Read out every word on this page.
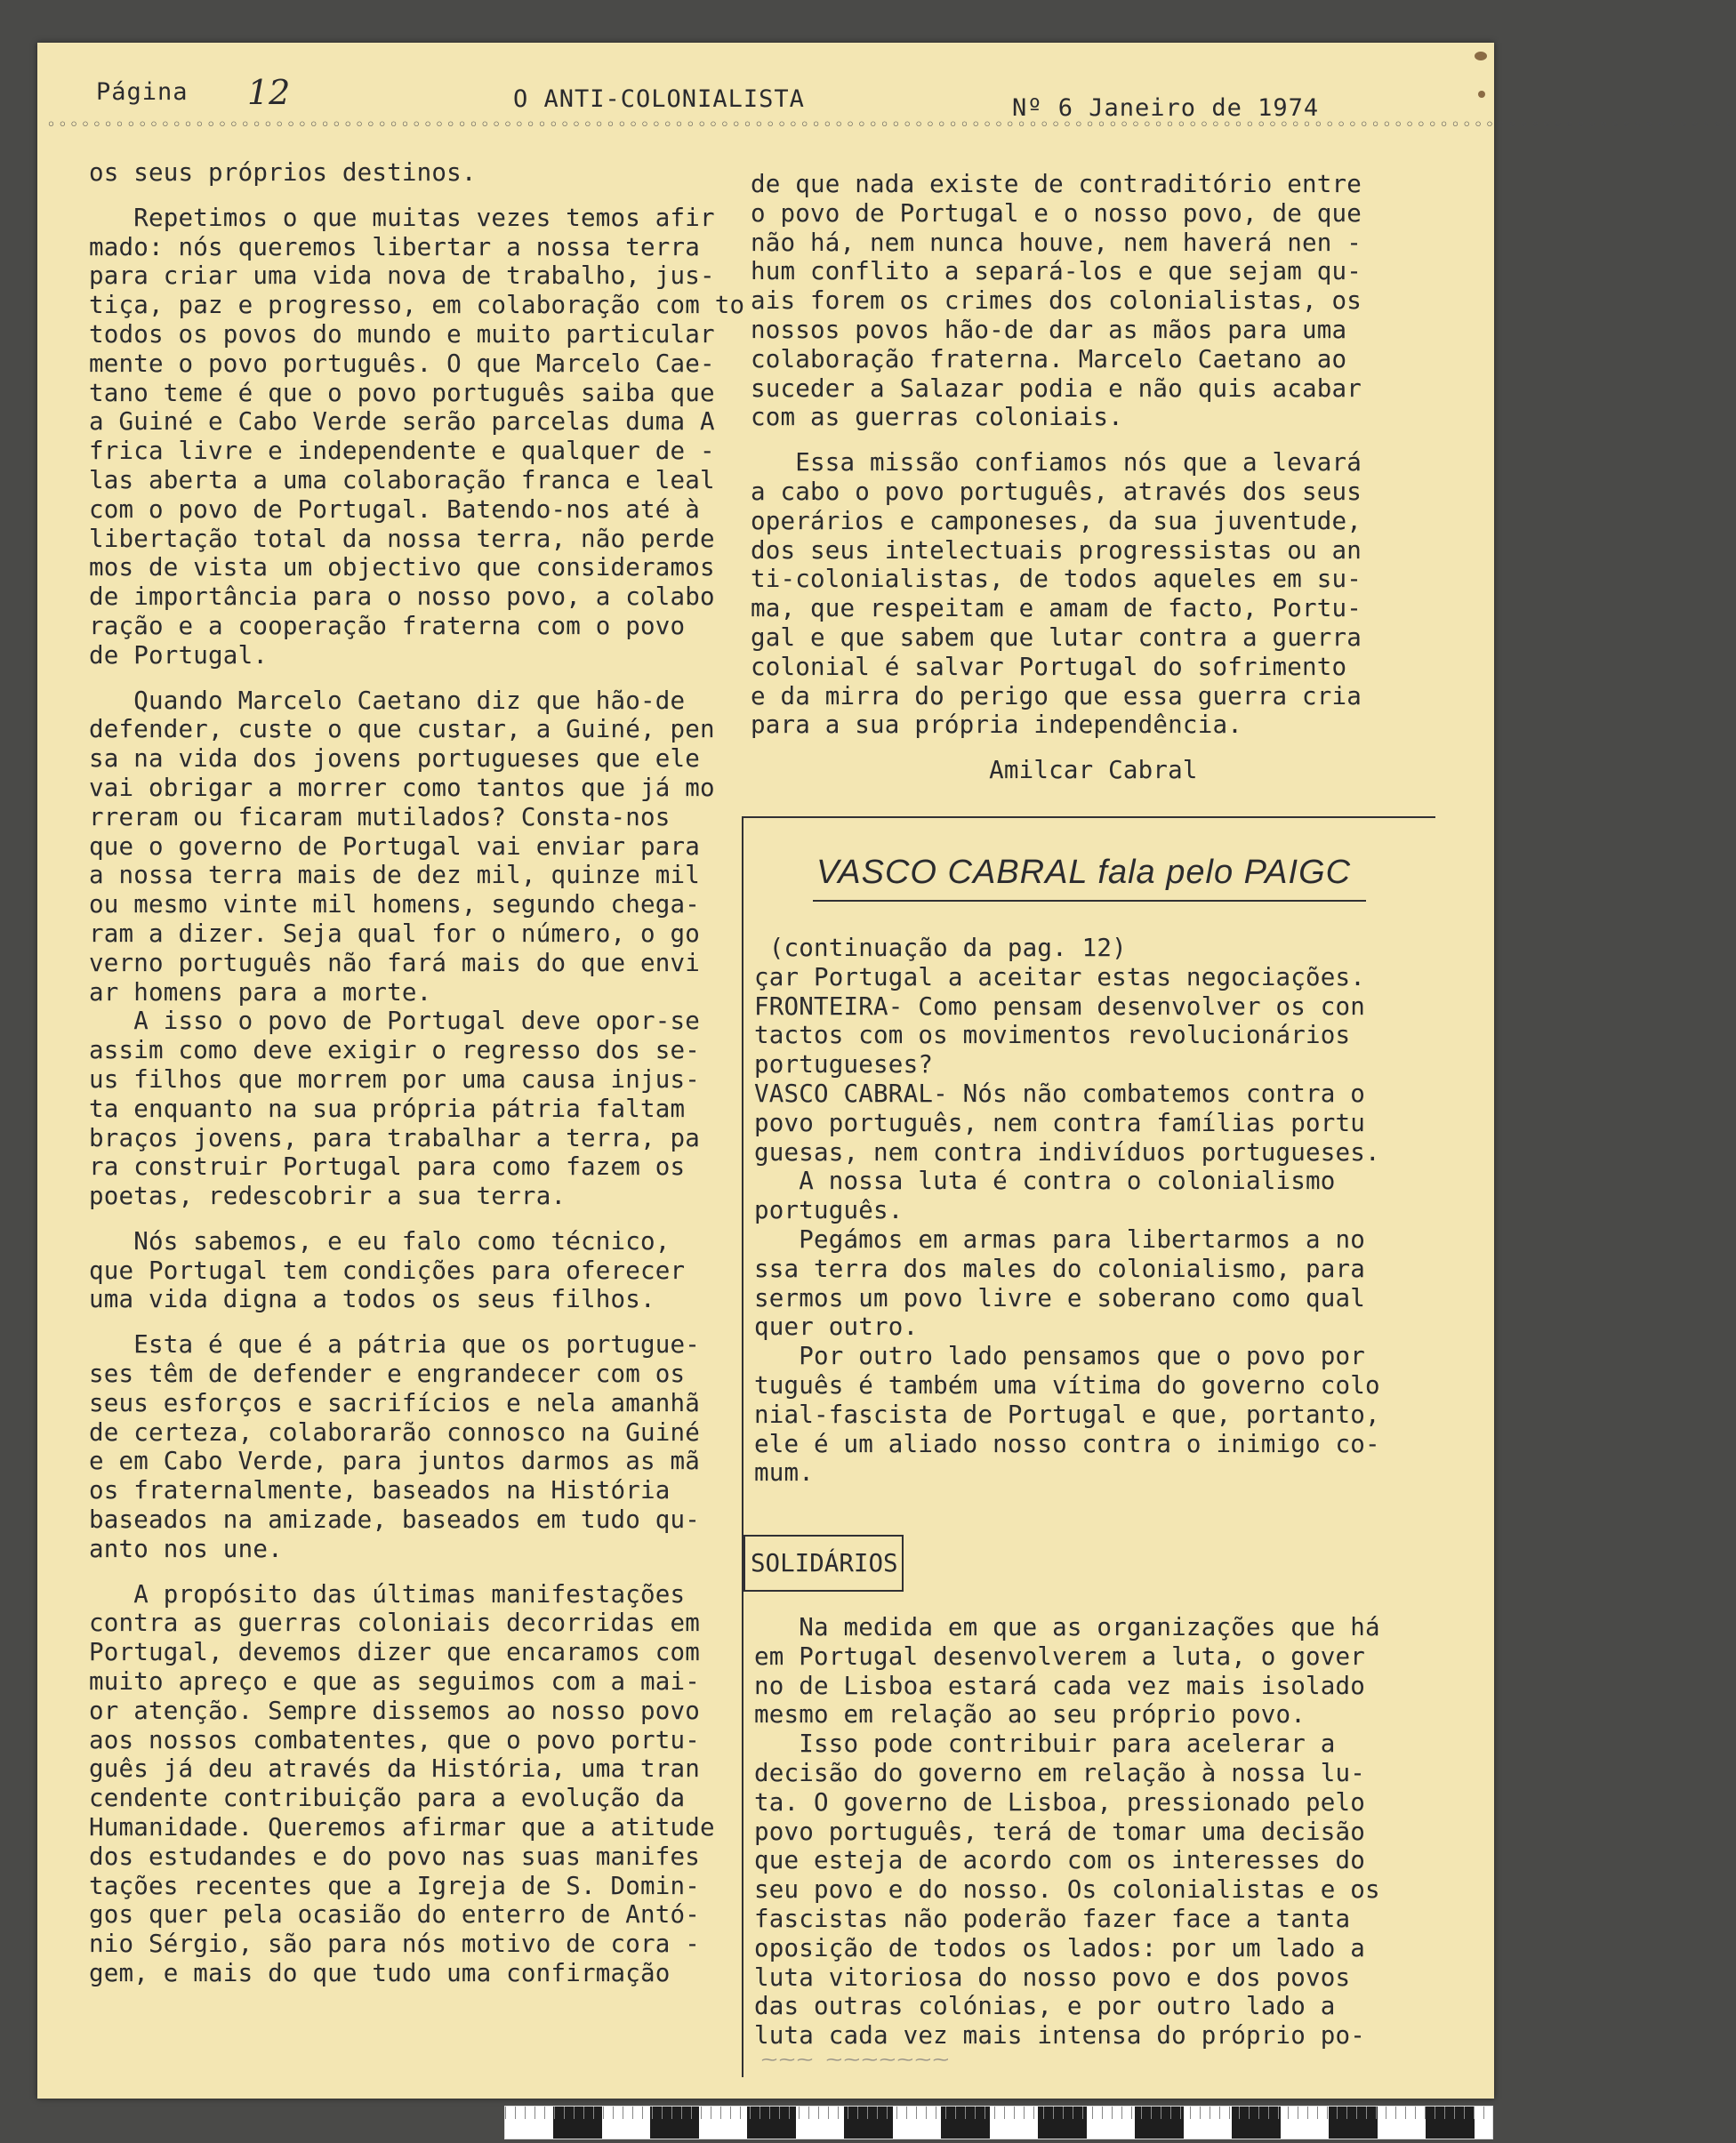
Página 12	O ANTI-COLONIALISTA	Nº 6 Janeiro de 1974
◦◦◦◦◦◦◦◦◦◦◦◦◦◦◦◦◦◦◦◦◦◦◦◦◦◦◦◦◦◦◦◦◦◦◦◦◦◦◦◦◦◦◦◦◦◦◦◦◦◦◦◦◦◦◦◦◦◦◦◦◦◦◦◦◦◦◦◦◦◦◦◦◦◦◦◦◦◦◦◦◦◦◦◦◦◦◦◦◦◦◦◦◦◦◦◦◦◦◦◦◦◦◦◦◦◦◦◦◦◦◦◦◦◦◦◦◦◦◦◦◦◦◦◦◦◦◦◦◦◦◦◦◦◦◦◦◦◦◦◦◦◦◦◦◦◦◦◦
os seus próprios destinos.
Repetimos o que muitas vezes temos afir
mado: nós queremos libertar a nossa terra
para criar uma vida nova de trabalho, jus-
tiça, paz e progresso, em colaboração com to
todos os povos do mundo e muito particular
mente o povo português. O que Marcelo Cae-
tano teme é que o povo português saiba que
a Guiné e Cabo Verde serão parcelas duma A
frica livre e independente e qualquer de -
las aberta a uma colaboração franca e leal
com o povo de Portugal. Batendo-nos até à
libertação total da nossa terra, não perde
mos de vista um objectivo que consideramos
de importância para o nosso povo, a colabo
ração e a cooperação fraterna com o povo
de Portugal.
Quando Marcelo Caetano diz que hão-de
defender, custe o que custar, a Guiné, pen
sa na vida dos jovens portugueses que ele
vai obrigar a morrer como tantos que já mo
rreram ou ficaram mutilados? Consta-nos
que o governo de Portugal vai enviar para
a nossa terra mais de dez mil, quinze mil
ou mesmo vinte mil homens, segundo chega-
ram a dizer. Seja qual for o número, o go
verno português não fará mais do que envi
ar homens para a morte.
A isso o povo de Portugal deve opor-se
assim como deve exigir o regresso dos se-
us filhos que morrem por uma causa injus-
ta enquanto na sua própria pátria faltam
braços jovens, para trabalhar a terra, pa
ra construir Portugal para como fazem os
poetas, redescobrir a sua terra.
Nós sabemos, e eu falo como técnico,
que Portugal tem condições para oferecer
uma vida digna a todos os seus filhos.
Esta é que é a pátria que os portugue-
ses têm de defender e engrandecer com os
seus esforços e sacrifícios e nela amanhã
de certeza, colaborarão connosco na Guiné
e em Cabo Verde, para juntos darmos as mã
os fraternalmente, baseados na História
baseados na amizade, baseados em tudo qu-
anto nos une.
A propósito das últimas manifestações
contra as guerras coloniais decorridas em
Portugal, devemos dizer que encaramos com
muito apreço e que as seguimos com a mai-
or atenção. Sempre dissemos ao nosso povo
aos nossos combatentes, que o povo portu-
guês já deu através da História, uma tran
cendente contribuição para a evolução da
Humanidade. Queremos afirmar que a atitude
dos estudandes e do povo nas suas manifes
tações recentes que a Igreja de S. Domin-
gos quer pela ocasião do enterro de Antó-
nio Sérgio, são para nós motivo de cora -
gem, e mais do que tudo uma confirmação
de que nada existe de contraditório entre
o povo de Portugal e o nosso povo, de que
não há, nem nunca houve, nem haverá nen -
hum conflito a separá-los e que sejam qu-
ais forem os crimes dos colonialistas, os
nossos povos hão-de dar as mãos para uma
colaboração fraterna. Marcelo Caetano ao
suceder a Salazar podia e não quis acabar
com as guerras coloniais.
Essa missão confiamos nós que a levará
a cabo o povo português, através dos seus
operários e camponeses, da sua juventude,
dos seus intelectuais progressistas ou an
ti-colonialistas, de todos aqueles em su-
ma, que respeitam e amam de facto, Portu-
gal e que sabem que lutar contra a guerra
colonial é salvar Portugal do sofrimento
e da mirra do perigo que essa guerra cria
para a sua própria independência.
Amilcar Cabral
VASCO CABRAL fala pelo PAIGC
(continuação da pag. 12)
çar Portugal a aceitar estas negociações.
FRONTEIRA- Como pensam desenvolver os con
tactos com os movimentos revolucionários
portugueses?
VASCO CABRAL- Nós não combatemos contra o
povo português, nem contra famílias portu
guesas, nem contra indivíduos portugueses.
A nossa luta é contra o colonialismo
português.
Pegámos em armas para libertarmos a no
ssa terra dos males do colonialismo, para
sermos um povo livre e soberano como qual
quer outro.
Por outro lado pensamos que o povo por
tuguês é também uma vítima do governo colo
nial-fascista de Portugal e que, portanto,
ele é um aliado nosso contra o inimigo co-
mum.
SOLIDÁRIOS
Na medida em que as organizações que há
em Portugal desenvolverem a luta, o gover
no de Lisboa estará cada vez mais isolado
mesmo em relação ao seu próprio povo.
Isso pode contribuir para acelerar a
decisão do governo em relação à nossa lu-
ta. O governo de Lisboa, pressionado pelo
povo português, terá de tomar uma decisão
que esteja de acordo com os interesses do
seu povo e do nosso. Os colonialistas e os
fascistas não poderão fazer face a tanta
oposição de todos os lados: por um lado a
luta vitoriosa do nosso povo e dos povos
das outras colónias, e por outro lado a
luta cada vez mais intensa do próprio po-
⁓⁓⁓ ⁓⁓⁓⁓⁓⁓⁓
